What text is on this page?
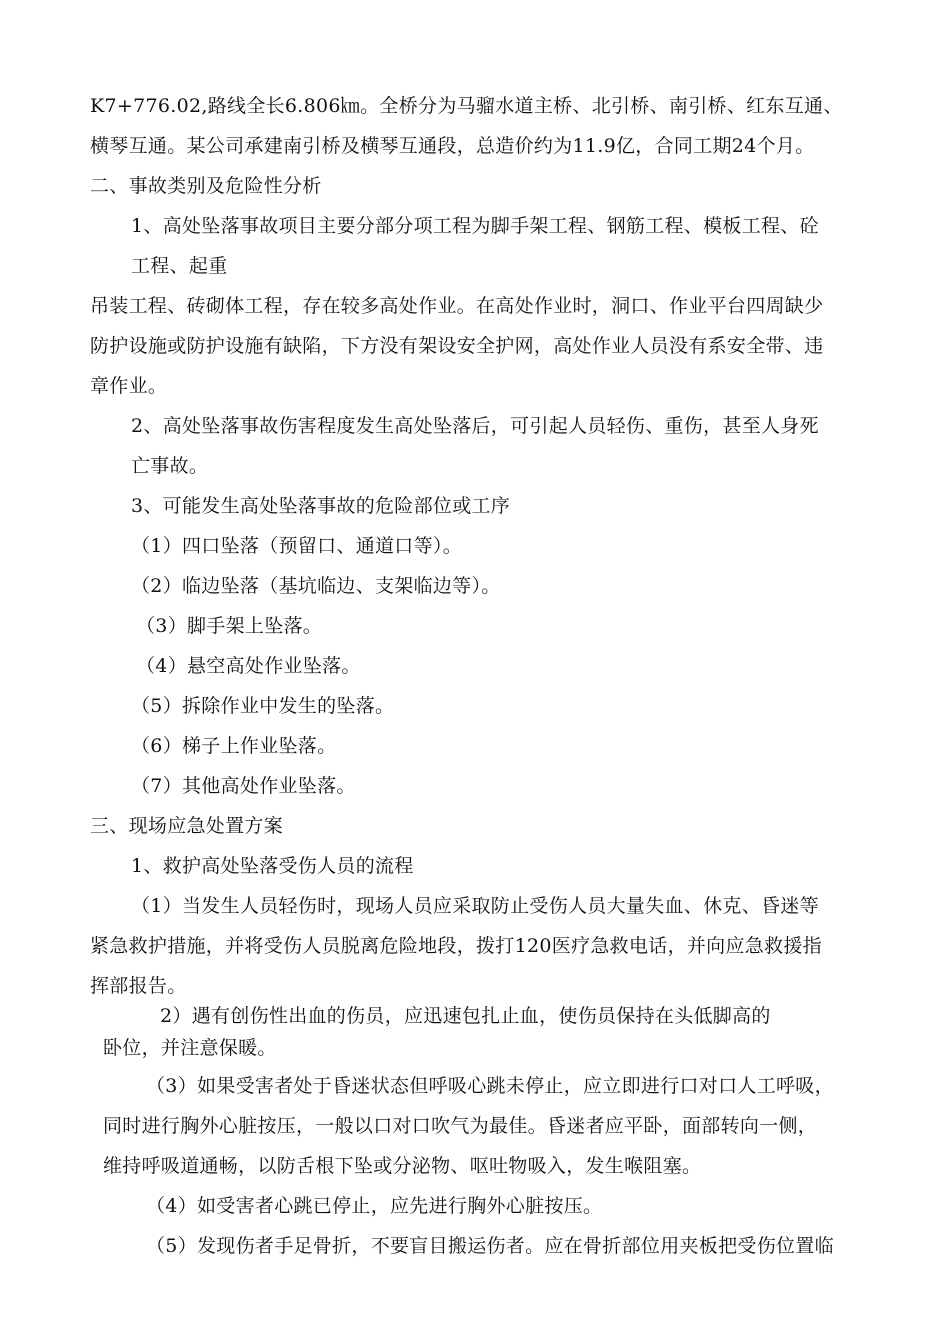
K7+776.02,路线全长6.806㎞。全桥分为马骝水道主桥、北引桥、南引桥、红东互通、
横琴互通。某公司承建南引桥及横琴互通段，总造价约为11.9亿，合同工期24个月。
二、事故类别及危险性分析
1、高处坠落事故项目主要分部分项工程为脚手架工程、钢筋工程、模板工程、砼
工程、起重
吊装工程、砖砌体工程，存在较多高处作业。在高处作业时，洞口、作业平台四周缺少
防护设施或防护设施有缺陷，下方没有架设安全护网，高处作业人员没有系安全带、违
章作业。
2、高处坠落事故伤害程度发生高处坠落后，可引起人员轻伤、重伤，甚至人身死
亡事故。
3、可能发生高处坠落事故的危险部位或工序
（1）四口坠落（预留口、通道口等）。
（2）临边坠落（基坑临边、支架临边等）。
（3）脚手架上坠落。
（4）悬空高处作业坠落。
（5）拆除作业中发生的坠落。
（6）梯子上作业坠落。
（7）其他高处作业坠落。
三、现场应急处置方案
1、救护高处坠落受伤人员的流程
（1）当发生人员轻伤时，现场人员应采取防止受伤人员大量失血、休克、昏迷等
紧急救护措施，并将受伤人员脱离危险地段，拨打120医疗急救电话，并向应急救援指
挥部报告。
2）遇有创伤性出血的伤员，应迅速包扎止血，使伤员保持在头低脚高的
卧位，并注意保暖。
（3）如果受害者处于昏迷状态但呼吸心跳未停止，应立即进行口对口人工呼吸，
同时进行胸外心脏按压，一般以口对口吹气为最佳。昏迷者应平卧，面部转向一侧，
维持呼吸道通畅，以防舌根下坠或分泌物、呕吐物吸入，发生喉阻塞。
（4）如受害者心跳已停止，应先进行胸外心脏按压。
（5）发现伤者手足骨折，不要盲目搬运伤者。应在骨折部位用夹板把受伤位置临
